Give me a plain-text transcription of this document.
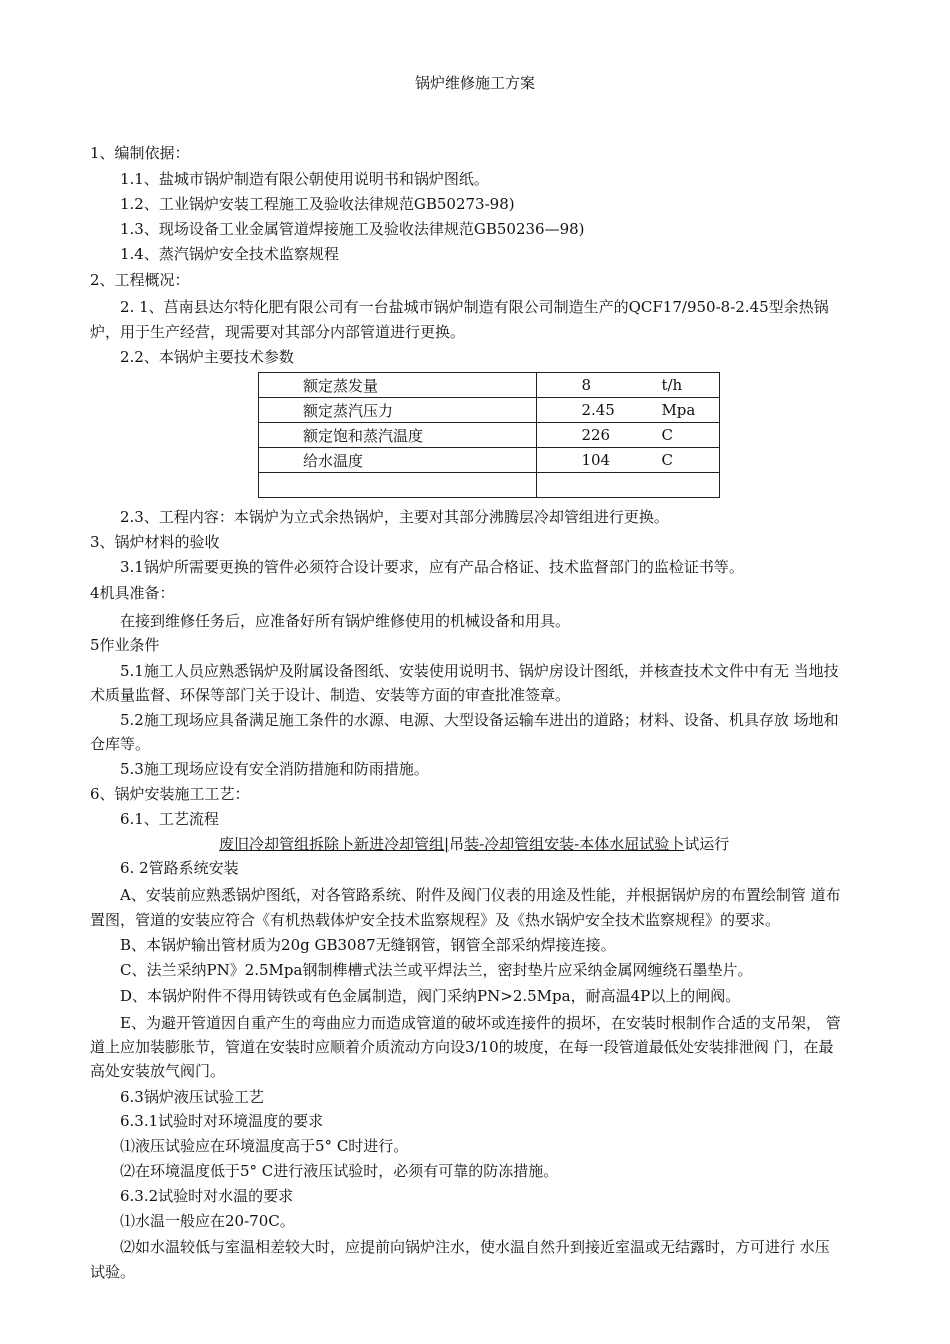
锅炉维修施工方案
1、编制依据：
1.1、盐城市锅炉制造有限公朝使用说明书和锅炉图纸。
1.2、工业锅炉安装工程施工及验收法律规范GB50273-98)
1.3、现场设备工业金属管道焊接施工及验收法律规范GB50236—98)
1.4、蒸汽锅炉安全技术监察规程
2、工程概况：
2. 1、莒南县达尔特化肥有限公司有一台盐城市锅炉制造有限公司制造生产的QCF17/950-8-2.45型余热锅
炉，用于生产经营，现需要对其部分内部管道进行更换。
2.2、本锅炉主要技术参数
额定蒸发量	8	t/h
额定蒸汽压力	2.45	Mpa
额定饱和蒸汽温度	226	C
给水温度	104	C

2.3、工程内容：本锅炉为立式余热锅炉，主要对其部分沸腾层冷却管组进行更换。
3、锅炉材料的验收
3.1锅炉所需要更换的管件必须符合设计要求，应有产品合格证、技术监督部门的监检证书等。
4机具准备：
在接到维修任务后，应准备好所有锅炉维修使用的机械设备和用具。
5作业条件
5.1施工人员应熟悉锅炉及附属设备图纸、安装使用说明书、锅炉房设计图纸，并核查技术文件中有无 当地技
术质量监督、环保等部门关于设计、制造、安装等方面的审查批准签章。
5.2施工现场应具备满足施工条件的水源、电源、大型设备运输车进出的道路；材料、设备、机具存放 场地和
仓库等。
5.3施工现场应设有安全消防措施和防雨措施。
6、锅炉安装施工工艺：
6.1、工艺流程
废旧冷却管组拆除卜新进冷却管组|吊装-冷却管组安装-本体水屈试验卜试运行
6. 2管路系统安装
A、安装前应熟悉锅炉图纸，对各管路系统、附件及阀门仪表的用途及性能，并根据锅炉房的布置绘制管 道布
置图，管道的安装应符合《有机热载体炉安全技术监察规程》及《热水锅炉安全技术监察规程》的要求。
B、本锅炉输出管材质为20g GB3087无缝钢管，钢管全部采纳焊接连接。
C、法兰采纳PN》2.5Mpa钢制榫槽式法兰或平焊法兰，密封垫片应采纳金属网缠绕石墨垫片。
D、本锅炉附件不得用铸铁或有色金属制造，阀门采纳PN>2.5Mpa，耐高温4P以上的闸阀。
E、为避开管道因自重产生的弯曲应力而造成管道的破坏或连接件的损坏，在安装时根制作合适的支吊架， 管
道上应加装膨胀节，管道在安装时应顺着介质流动方向设3/10的坡度，在每一段管道最低处安装排泄阀 门，在最
高处安装放气阀门。
6.3锅炉液压试验工艺
6.3.1试验时对环境温度的要求
⑴液压试验应在环境温度高于5° C时进行。
⑵在环境温度低于5° C进行液压试验时，必须有可靠的防冻措施。
6.3.2试验时对水温的要求
⑴水温一般应在20-70C。
⑵如水温较低与室温相差较大时，应提前向锅炉注水，使水温自然升到接近室温或无结露时，方可进行 水压
试验。
